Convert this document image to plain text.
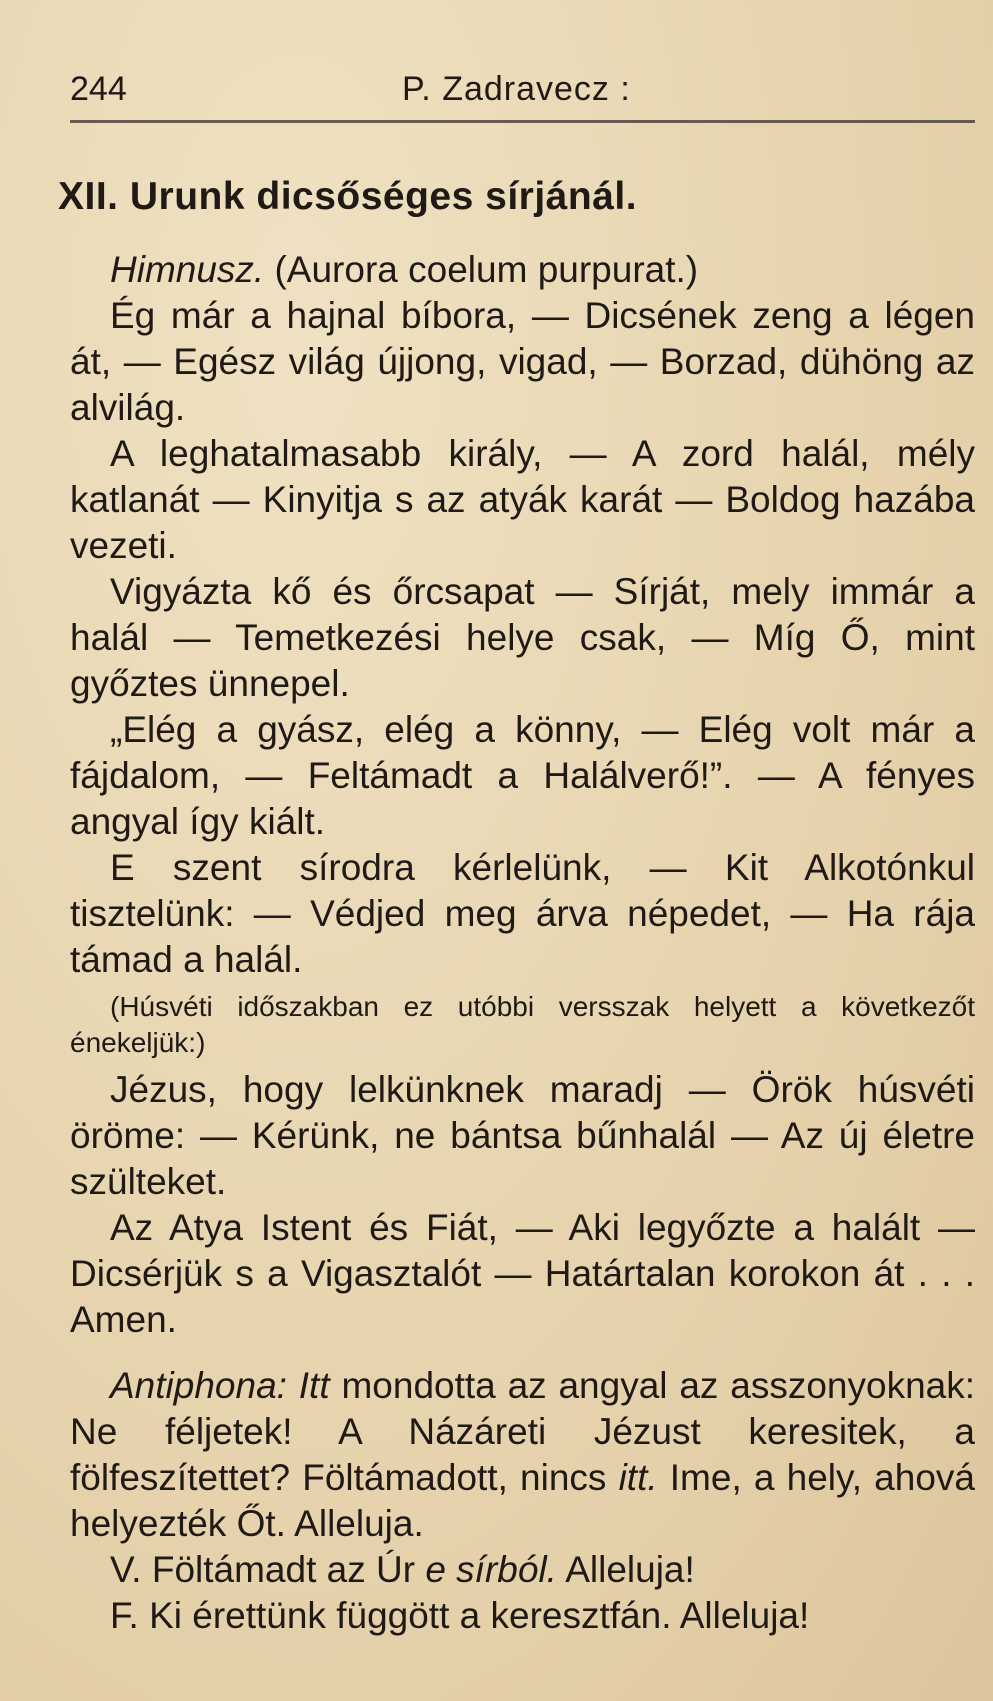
244	P. Zadravecz :
XII. Urunk dicsőséges sírjánál.

Himnusz. (Aurora coelum purpurat.)

Ég már a hajnal bíbora, — Dicsének zeng a légen át, — Egész világ újjong, vigad, — Borzad, dühöng az alvilág.

A leghatalmasabb király, — A zord halál, mély katlanát — Kinyitja s az atyák karát — Boldog hazába vezeti.

Vigyázta kő és őrcsapat — Sírját, mely immár a halál — Temetkezési helye csak, — Míg Ő, mint győztes ünnepel.

„Elég a gyász, elég a könny, — Elég volt már a fájdalom, — Feltámadt a Halálverő!”. — A fényes angyal így kiált.

E szent sírodra kérlelünk, — Kit Alkotónkul tisztelünk: — Védjed meg árva népedet, — Ha rája támad a halál.

(Húsvéti időszakban ez utóbbi versszak helyett a következőt énekeljük:)

Jézus, hogy lelkünknek maradj — Örök húsvéti öröme: — Kérünk, ne bántsa bűnhalál — Az új életre szülteket.

Az Atya Istent és Fiát, — Aki legyőzte a halált — Dicsérjük s a Vigasztalót — Határtalan korokon át . . . Amen.

Antiphona: Itt mondotta az angyal az asszonyoknak: Ne féljetek! A Názáreti Jézust keresitek, a fölfeszítettet? Föltámadott, nincs itt. Ime, a hely, ahová helyezték Őt. Alleluja.

V. Föltámadt az Úr e sírból. Alleluja!

F. Ki érettünk függött a keresztfán. Alleluja!
